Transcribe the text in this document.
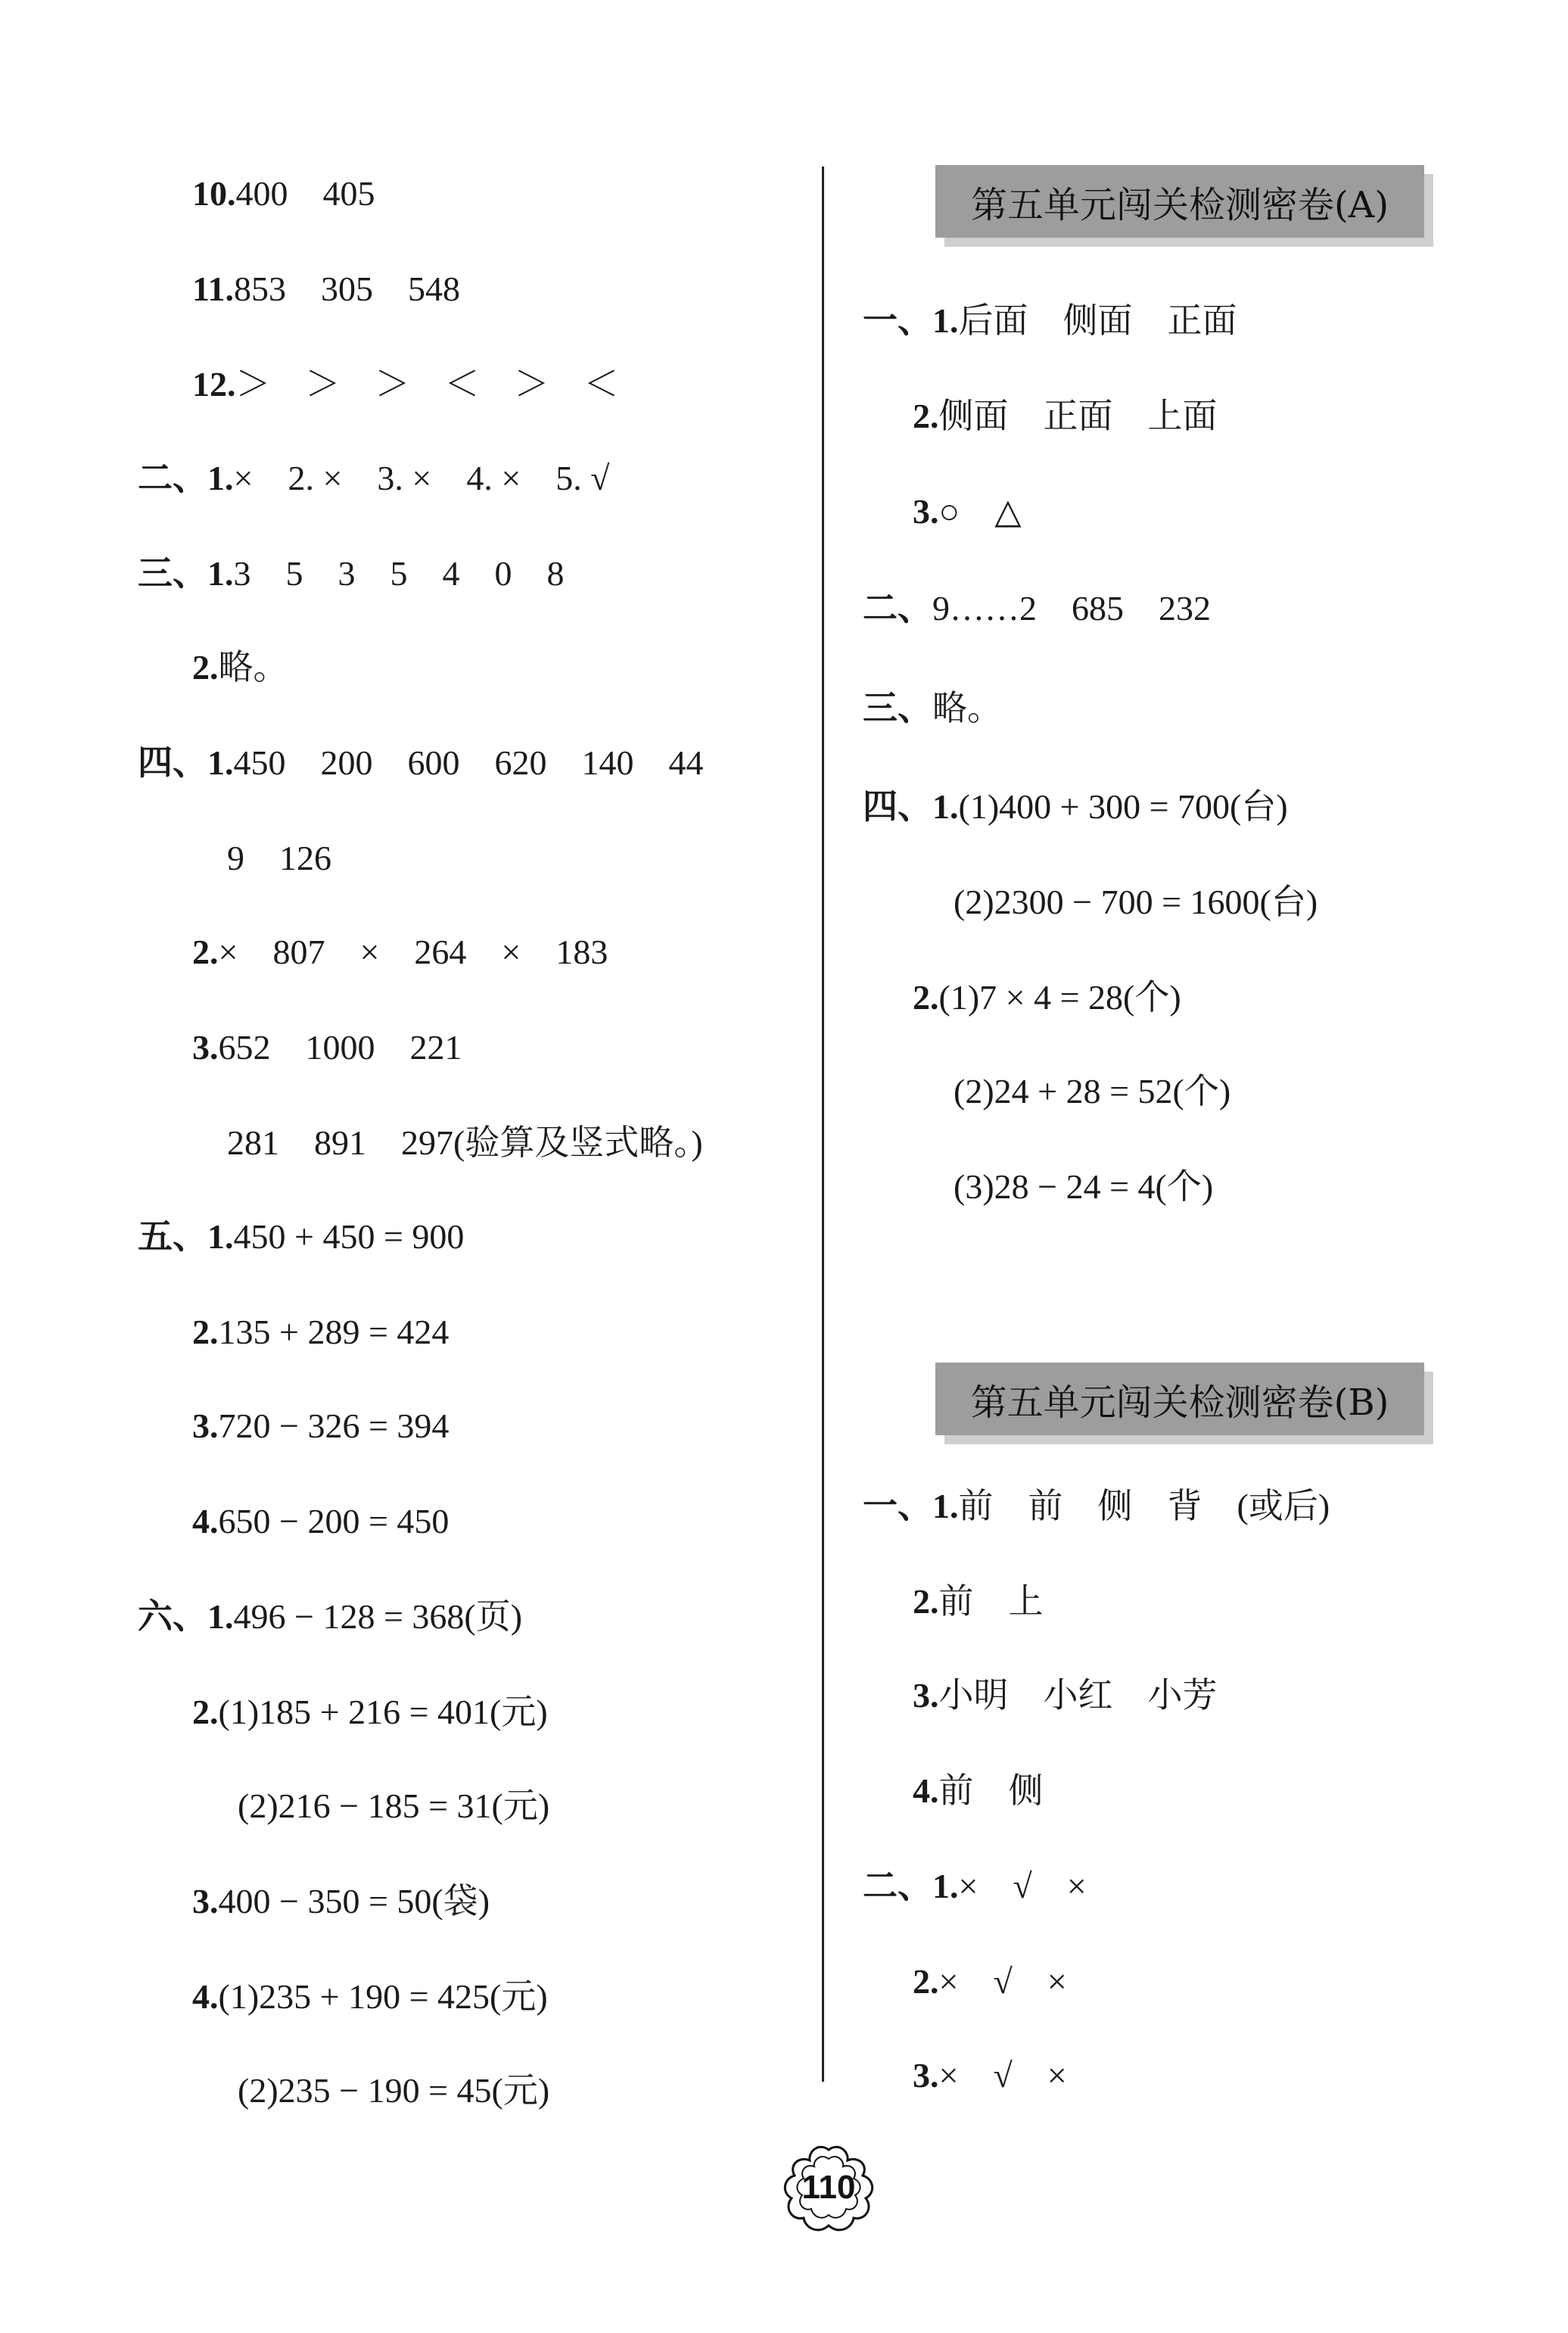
10.400　405
11.853　305　548
12.＞　＞　＞　＜　＞　＜
二、1.×　2. ×　3. ×　4. ×　5. √
三、1.3　5　3　5　4　0　8
2.略。
四、1.450　200　600　620　140　44
9　126
2.×　807　×　264　×　183
3.652　1000　221
281　891　297(验算及竖式略。)
五、1.450 + 450 = 900
2.135 + 289 = 424
3.720 − 326 = 394
4.650 − 200 = 450
六、1.496 − 128 = 368(页)
2.(1)185 + 216 = 401(元)
(2)216 − 185 = 31(元)
3.400 − 350 = 50(袋)
4.(1)235 + 190 = 425(元)
(2)235 − 190 = 45(元)
第五单元闯关检测密卷(A)
一、1.后面　侧面　正面
2.侧面　正面　上面
3.○　△
二、9……2　685　232
三、略。
四、1.(1)400 + 300 = 700(台)
(2)2300 − 700 = 1600(台)
2.(1)7 × 4 = 28(个)
(2)24 + 28 = 52(个)
(3)28 − 24 = 4(个)
第五单元闯关检测密卷(B)
一、1.前　前　侧　背　(或后)
2.前　上
3.小明　小红　小芳
4.前　侧
二、1.×　√　×
2.×　√　×
3.×　√　×
110
